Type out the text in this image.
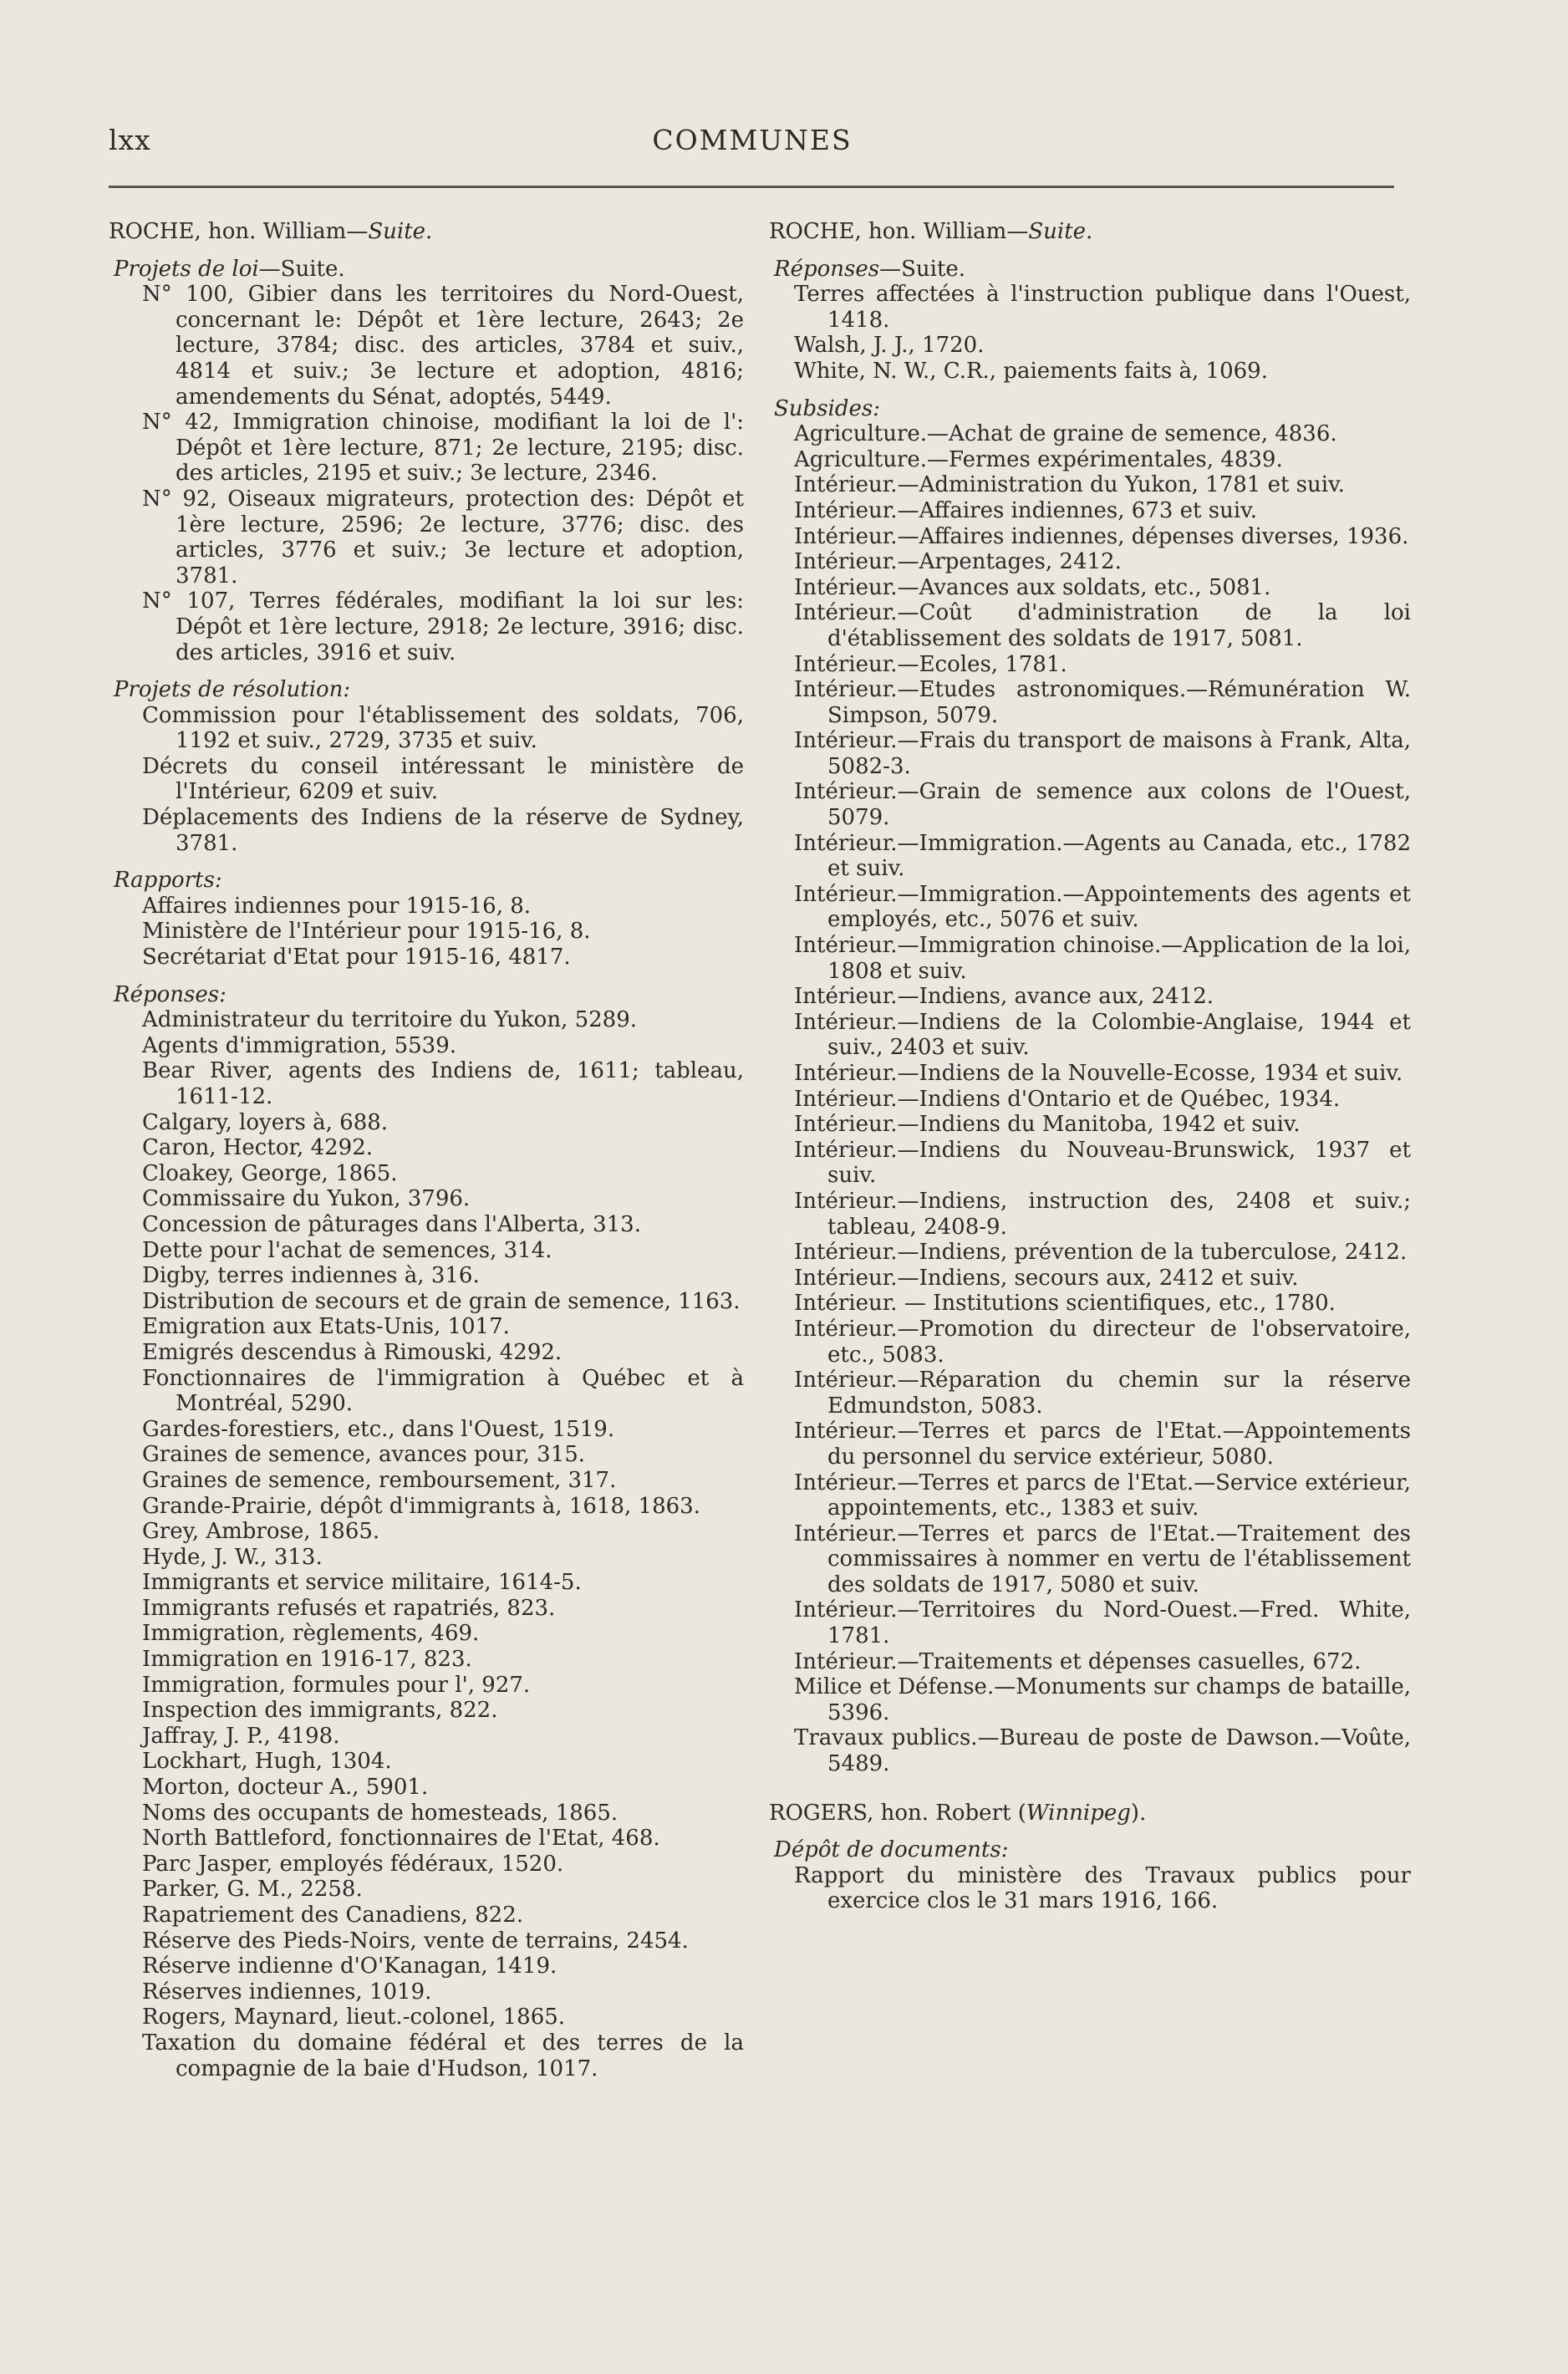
lxx	COMMUNES
ROCHE, hon. William—Suite.
Projets de loi—Suite.
N° 100, Gibier dans les territoires du Nord-Ouest, concernant le: Dépôt et 1ère lecture, 2643; 2e lecture, 3784; disc. des articles, 3784 et suiv., 4814 et suiv.; 3e lecture et adoption, 4816; amendements du Sénat, adoptés, 5449.
N° 42, Immigration chinoise, modifiant la loi de l': Dépôt et 1ère lecture, 871; 2e lecture, 2195; disc. des articles, 2195 et suiv.; 3e lecture, 2346.
N° 92, Oiseaux migrateurs, protection des: Dépôt et 1ère lecture, 2596; 2e lecture, 3776; disc. des articles, 3776 et suiv.; 3e lecture et adoption, 3781.
N° 107, Terres fédérales, modifiant la loi sur les: Dépôt et 1ère lecture, 2918; 2e lecture, 3916; disc. des articles, 3916 et suiv.
Projets de résolution:
Commission pour l'établissement des soldats, 706, 1192 et suiv., 2729, 3735 et suiv.
Décrets du conseil intéressant le ministère de l'Intérieur, 6209 et suiv.
Déplacements des Indiens de la réserve de Sydney, 3781.
Rapports:
Affaires indiennes pour 1915-16, 8.
Ministère de l'Intérieur pour 1915-16, 8.
Secrétariat d'Etat pour 1915-16, 4817.
Réponses:
Administrateur du territoire du Yukon, 5289.
Agents d'immigration, 5539.
Bear River, agents des Indiens de, 1611; tableau, 1611-12.
Calgary, loyers à, 688.
Caron, Hector, 4292.
Cloakey, George, 1865.
Commissaire du Yukon, 3796.
Concession de pâturages dans l'Alberta, 313.
Dette pour l'achat de semences, 314.
Digby, terres indiennes à, 316.
Distribution de secours et de grain de semence, 1163.
Emigration aux Etats-Unis, 1017.
Emigrés descendus à Rimouski, 4292.
Fonctionnaires de l'immigration à Québec et à Montréal, 5290.
Gardes-forestiers, etc., dans l'Ouest, 1519.
Graines de semence, avances pour, 315.
Graines de semence, remboursement, 317.
Grande-Prairie, dépôt d'immigrants à, 1618, 1863.
Grey, Ambrose, 1865.
Hyde, J. W., 313.
Immigrants et service militaire, 1614-5.
Immigrants refusés et rapatriés, 823.
Immigration, règlements, 469.
Immigration en 1916-17, 823.
Immigration, formules pour l', 927.
Inspection des immigrants, 822.
Jaffray, J. P., 4198.
Lockhart, Hugh, 1304.
Morton, docteur A., 5901.
Noms des occupants de homesteads, 1865.
North Battleford, fonctionnaires de l'Etat, 468.
Parc Jasper, employés fédéraux, 1520.
Parker, G. M., 2258.
Rapatriement des Canadiens, 822.
Réserve des Pieds-Noirs, vente de terrains, 2454.
Réserve indienne d'O'Kanagan, 1419.
Réserves indiennes, 1019.
Rogers, Maynard, lieut.-colonel, 1865.
Taxation du domaine fédéral et des terres de la compagnie de la baie d'Hudson, 1017.
ROCHE, hon. William—Suite.
Réponses—Suite.
Terres affectées à l'instruction publique dans l'Ouest, 1418.
Walsh, J. J., 1720.
White, N. W., C.R., paiements faits à, 1069.
Subsides:
Agriculture.—Achat de graine de semence, 4836.
Agriculture.—Fermes expérimentales, 4839.
Intérieur.—Administration du Yukon, 1781 et suiv.
Intérieur.—Affaires indiennes, 673 et suiv.
Intérieur.—Affaires indiennes, dépenses diverses, 1936.
Intérieur.—Arpentages, 2412.
Intérieur.—Avances aux soldats, etc., 5081.
Intérieur.—Coût d'administration de la loi d'établissement des soldats de 1917, 5081.
Intérieur.—Ecoles, 1781.
Intérieur.—Etudes astronomiques.—Rémunération W. Simpson, 5079.
Intérieur.—Frais du transport de maisons à Frank, Alta, 5082-3.
Intérieur.—Grain de semence aux colons de l'Ouest, 5079.
Intérieur.—Immigration.—Agents au Canada, etc., 1782 et suiv.
Intérieur.—Immigration.—Appointements des agents et employés, etc., 5076 et suiv.
Intérieur.—Immigration chinoise.—Application de la loi, 1808 et suiv.
Intérieur.—Indiens, avance aux, 2412.
Intérieur.—Indiens de la Colombie-Anglaise, 1944 et suiv., 2403 et suiv.
Intérieur.—Indiens de la Nouvelle-Ecosse, 1934 et suiv.
Intérieur.—Indiens d'Ontario et de Québec, 1934.
Intérieur.—Indiens du Manitoba, 1942 et suiv.
Intérieur.—Indiens du Nouveau-Brunswick, 1937 et suiv.
Intérieur.—Indiens, instruction des, 2408 et suiv.; tableau, 2408-9.
Intérieur.—Indiens, prévention de la tuberculose, 2412.
Intérieur.—Indiens, secours aux, 2412 et suiv.
Intérieur. — Institutions scientifiques, etc., 1780.
Intérieur.—Promotion du directeur de l'observatoire, etc., 5083.
Intérieur.—Réparation du chemin sur la réserve Edmundston, 5083.
Intérieur.—Terres et parcs de l'Etat.—Appointements du personnel du service extérieur, 5080.
Intérieur.—Terres et parcs de l'Etat.—Service extérieur, appointements, etc., 1383 et suiv.
Intérieur.—Terres et parcs de l'Etat.—Traitement des commissaires à nommer en vertu de l'établissement des soldats de 1917, 5080 et suiv.
Intérieur.—Territoires du Nord-Ouest.—Fred. White, 1781.
Intérieur.—Traitements et dépenses casuelles, 672.
Milice et Défense.—Monuments sur champs de bataille, 5396.
Travaux publics.—Bureau de poste de Dawson.—Voûte, 5489.
ROGERS, hon. Robert (Winnipeg).
Dépôt de documents:
Rapport du ministère des Travaux publics pour exercice clos le 31 mars 1916, 166.
